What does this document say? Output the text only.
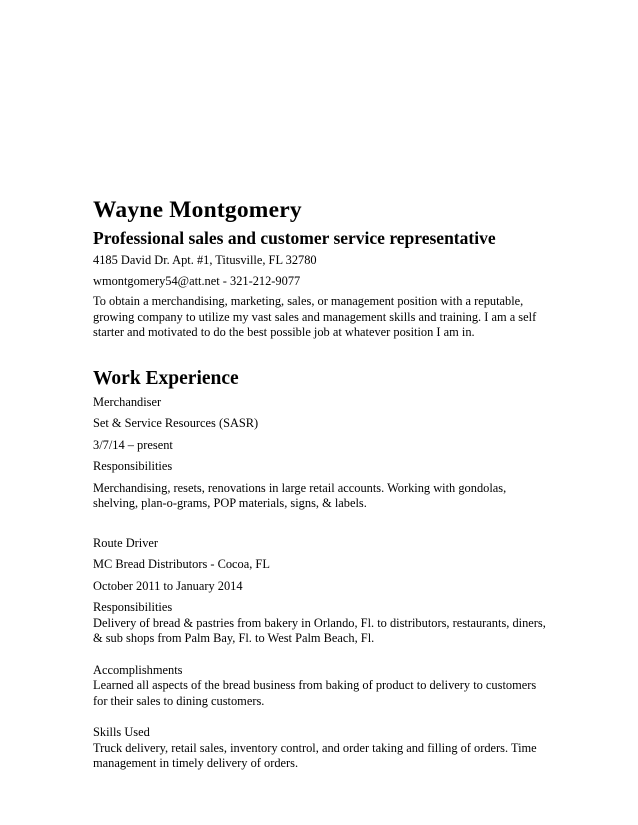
Wayne Montgomery
Professional sales and customer service representative
4185 David Dr. Apt. #1, Titusville, FL 32780
wmontgomery54@att.net - 321-212-9077
To obtain a merchandising, marketing, sales, or management position with a reputable, growing company to utilize my vast sales and management skills and training. I am a self starter and motivated to do the best possible job at whatever position I am in.
Work Experience
Merchandiser
Set & Service Resources (SASR)
3/7/14 – present
Responsibilities
Merchandising, resets, renovations in large retail accounts. Working with gondolas, shelving, plan-o-grams, POP materials, signs, & labels.
Route Driver
MC Bread Distributors - Cocoa, FL
October 2011 to January 2014
Responsibilities
Delivery of bread & pastries from bakery in Orlando, Fl. to distributors, restaurants, diners, & sub shops from Palm Bay, Fl. to West Palm Beach, Fl.
Accomplishments
Learned all aspects of the bread business from baking of product to delivery to customers for their sales to dining customers.
Skills Used
Truck delivery, retail sales, inventory control, and order taking and filling of orders. Time management in timely delivery of orders.
